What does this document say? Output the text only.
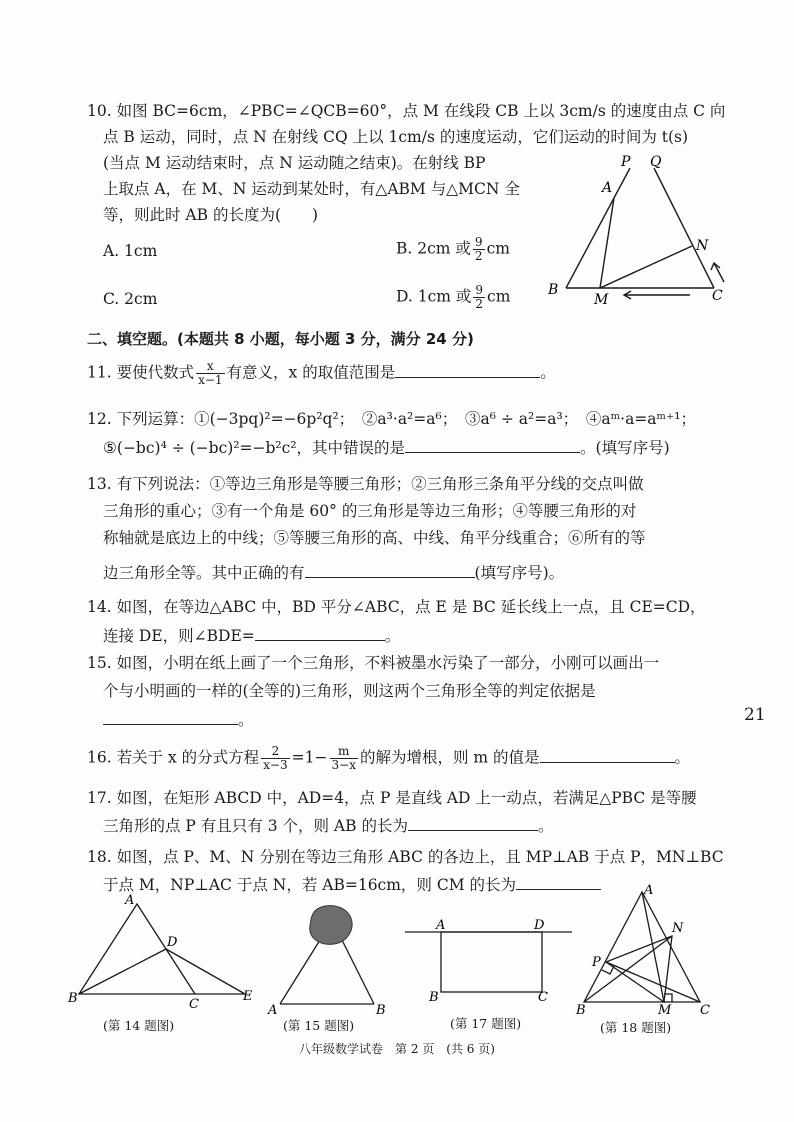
10. 如图 BC=6cm，∠PBC=∠QCB=60°，点 M 在线段 CB 上以 3cm/s 的速度由点 C 向
点 B 运动，同时，点 N 在射线 CQ 上以 1cm/s 的速度运动，它们运动的时间为 t(s)
(当点 M 运动结束时，点 N 运动随之结束)。在射线 BP
上取点 A，在 M、N 运动到某处时，有△ABM 与△MCN 全
等，则此时 AB 的长度为(　　)
A. 1cm	B. 2cm 或 $\frac{9}{2}$ cm
C. 2cm	D. 1cm 或 $\frac{9}{2}$ cm
P Q
A
N
B
M	C
二、填空题。(本题共 8 小题，每小题 3 分，满分 24 分)
11. 要使代数式 $\frac{x}{x-1}$ 有意义，x 的取值范围是	。
12. 下列运算：①(−3pq)²=−6p²q²；　②a³·a²=a⁶；　③a⁶ ÷ a²=a³；　④aᵐ·a=aᵐ⁺¹；
⑤(−bc)⁴ ÷ (−bc)²=−b²c²，其中错误的是	。(填写序号)
13. 有下列说法：①等边三角形是等腰三角形；②三角形三条角平分线的交点叫做
三角形的重心；③有一个角是 60° 的三角形是等边三角形；④等腰三角形的对
称轴就是底边上的中线；⑤等腰三角形的高、中线、角平分线重合；⑥所有的等
边三角形全等。其中正确的有	(填写序号)。
14. 如图，在等边△ABC 中，BD 平分∠ABC，点 E 是 BC 延长线上一点，且 CE=CD，
连接 DE，则∠BDE=	。
15. 如图，小明在纸上画了一个三角形，不料被墨水污染了一部分，小刚可以画出一
个与小明画的一样的(全等的)三角形，则这两个三角形全等的判定依据是
。	21
16. 若关于 x 的分式方程 $\frac{2}{x-3} =1- \frac{m}{3-x}$ 的解为增根，则 m 的值是	。
17. 如图，在矩形 ABCD 中，AD=4，点 P 是直线 AD 上一动点，若满足△PBC 是等腰
三角形的点 P 有且只有 3 个，则 AB 的长为	。
18. 如图，点 P、M、N 分别在等边三角形 ABC 的各边上，且 MP⊥AB 于点 P，MN⊥BC
于点 M，NP⊥AC 于点 N，若 AB=16cm，则 CM 的长为
A
B	C
D
E
(第 14 题图)
A	B
(第 15 题图)
A	D
B	C
(第 17 题图)
A
B	C
M
N
P
(第 18 题图)
八年级数学试卷　第 2 页　(共 6 页)
